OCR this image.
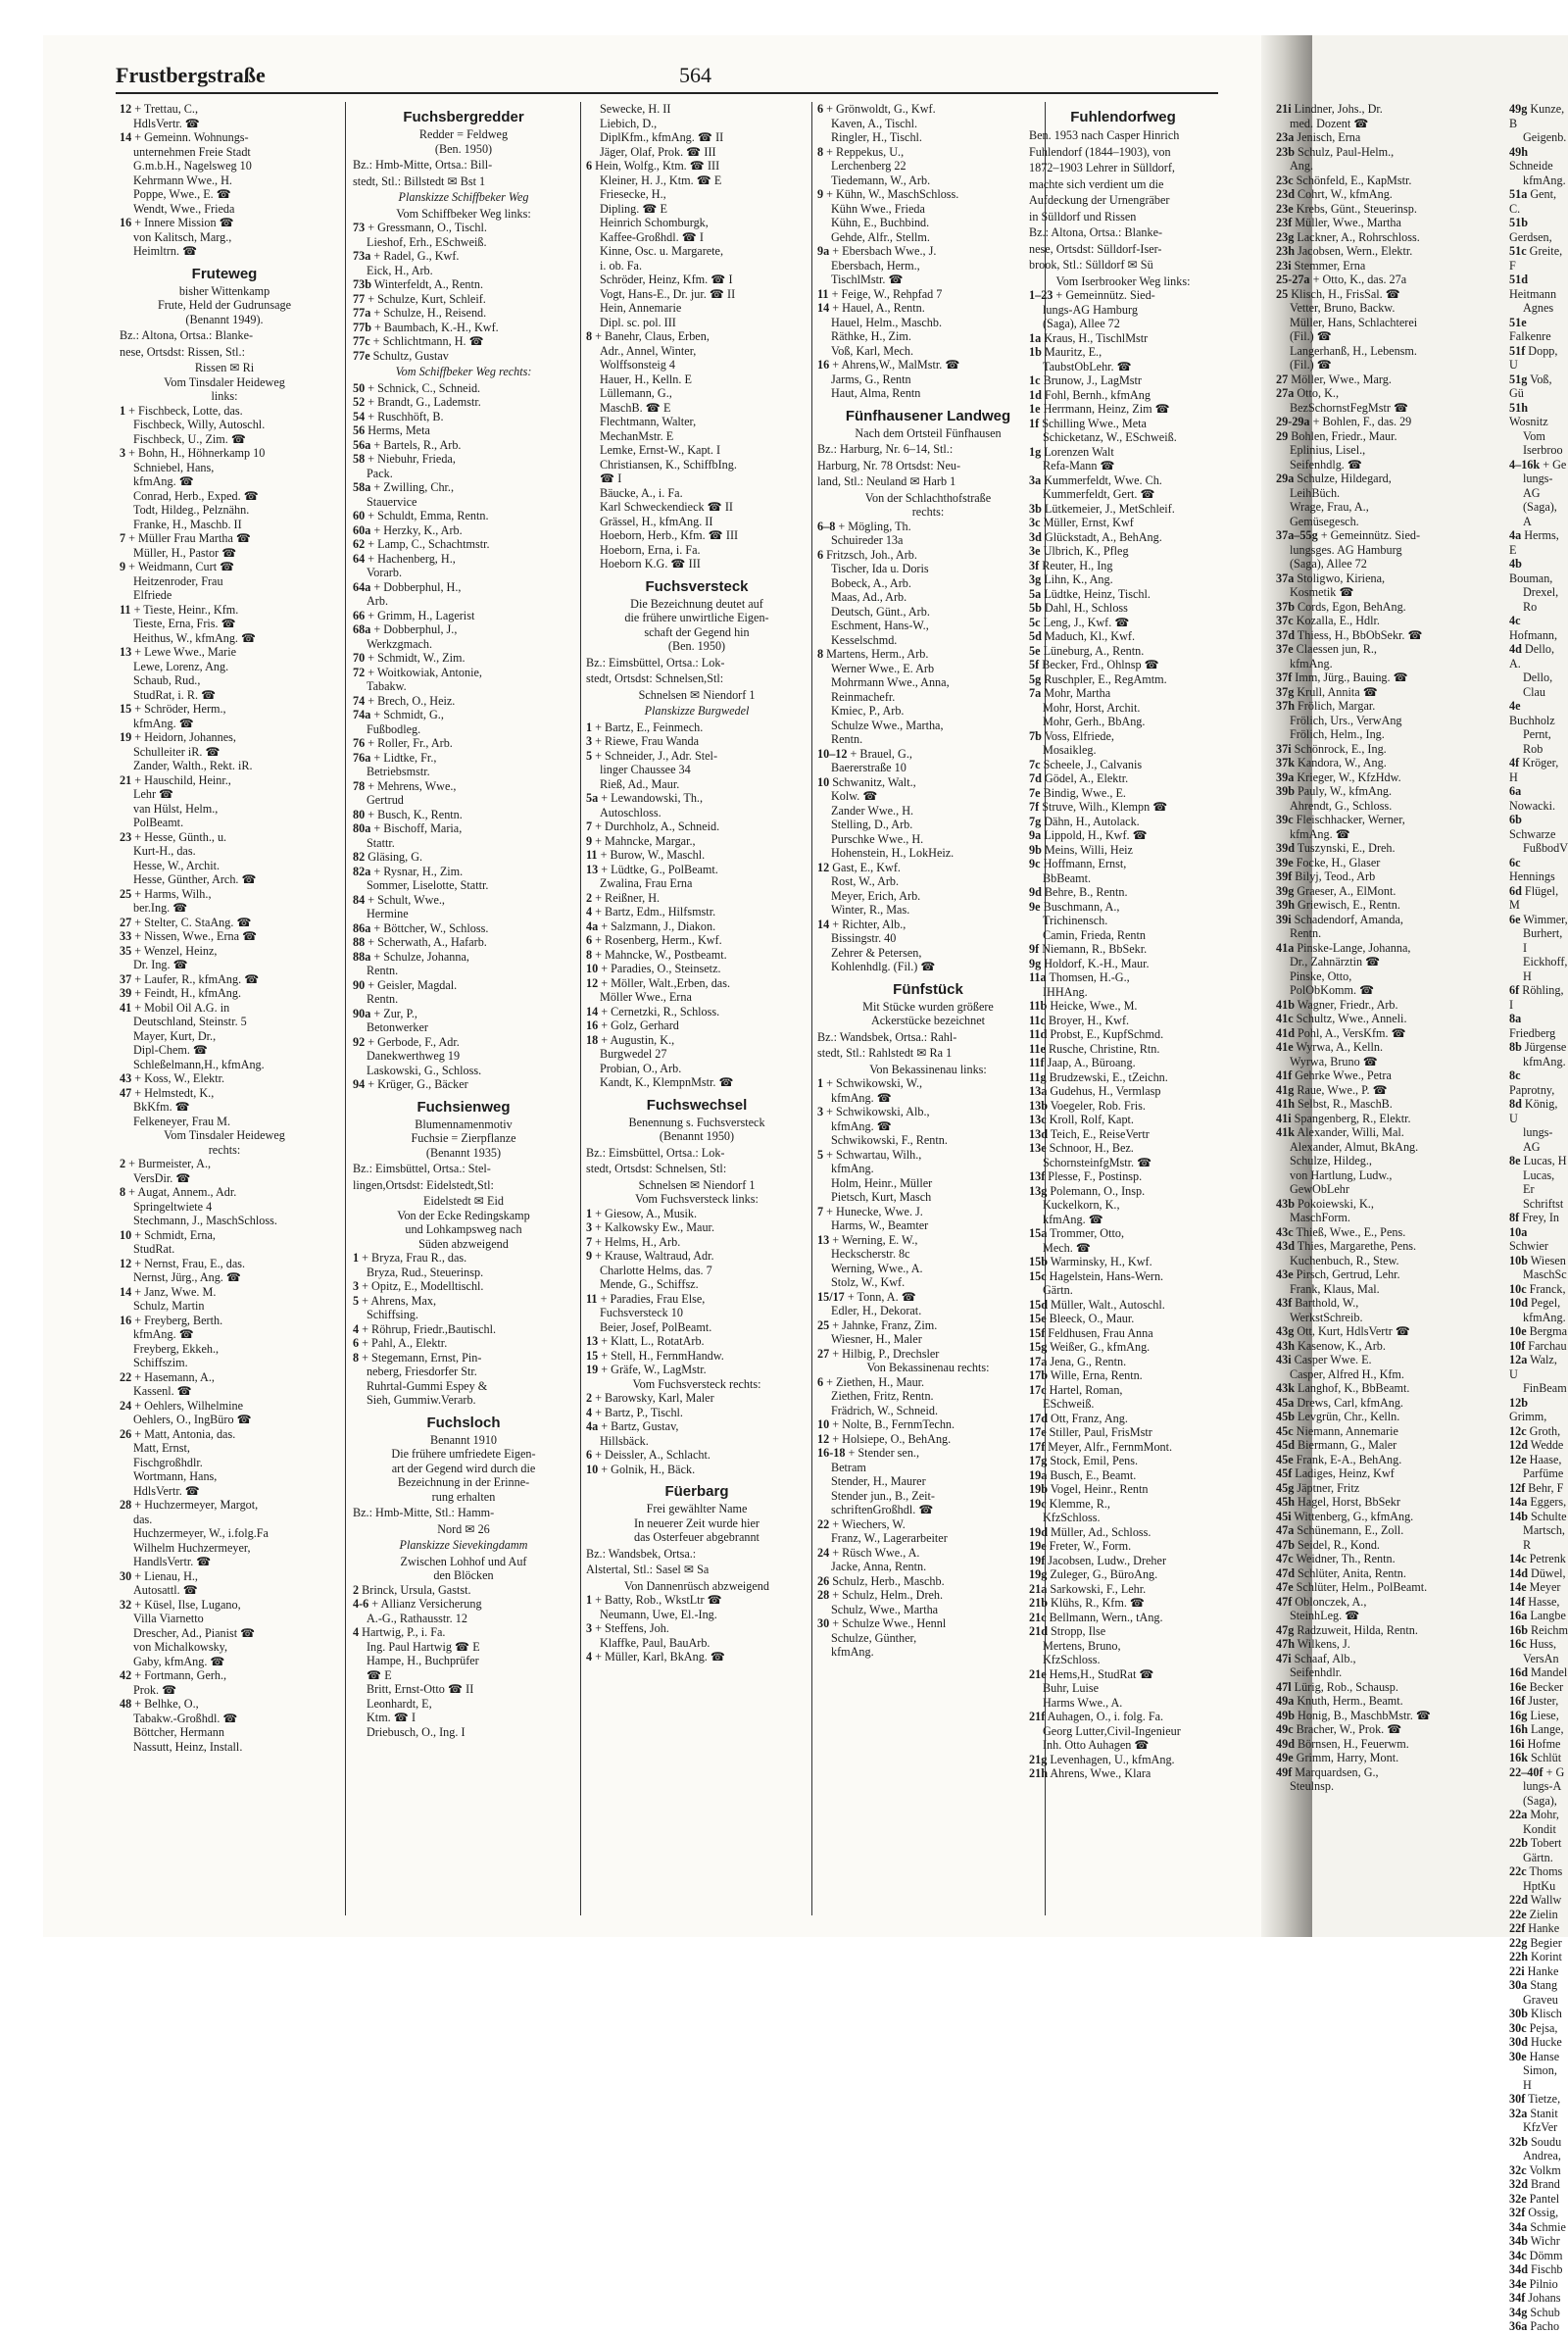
Frustbergstraße	564
12 + Trettau, C.,
HdlsVertr. ☎
14 + Gemeinn. Wohnungs-
unternehmen Freie Stadt
G.m.b.H., Nagelsweg 10
Kehrmann Wwe., H.
Poppe, Wwe., E. ☎
Wendt, Wwe., Frieda
16 + Innere Mission ☎
von Kalitsch, Marg.,
Heimltrn. ☎
Fruteweg
bisher Wittenkamp
Frute, Held der Gudrunsage
(Benannt 1949).
Bz.: Altona, Ortsa.: Blanke-
nese, Ortsdst: Rissen, Stl.:
Rissen ✉ Ri
Vom Tinsdaler Heideweg
links:
1 + Fischbeck, Lotte, das.
Fischbeck, Willy, Autoschl.
Fischbeck, U., Zim. ☎
3 + Bohn, H., Höhnerkamp 10
Schniebel, Hans,
kfmAng. ☎
Conrad, Herb., Exped. ☎
Todt, Hildeg., Pelznähn.
Franke, H., Maschb. II
7 + Müller Frau Martha ☎
Müller, H., Pastor ☎
9 + Weidmann, Curt ☎
Heitzenroder, Frau
Elfriede
11 + Tieste, Heinr., Kfm.
Tieste, Erna, Fris. ☎
Heithus, W., kfmAng. ☎
13 + Lewe Wwe., Marie
Lewe, Lorenz, Ang.
Schaub, Rud.,
StudRat, i. R. ☎
15 + Schröder, Herm.,
kfmAng. ☎
19 + Heidorn, Johannes,
Schulleiter iR. ☎
Zander, Walth., Rekt. iR.
21 + Hauschild, Heinr.,
Lehr ☎
van Hülst, Helm.,
PolBeamt.
23 + Hesse, Günth., u.
Kurt-H., das.
Hesse, W., Archit.
Hesse, Günther, Arch. ☎
25 + Harms, Wilh.,
ber.Ing. ☎
27 + Stelter, C. StaAng. ☎
33 + Nissen, Wwe., Erna ☎
35 + Wenzel, Heinz,
Dr. Ing. ☎
37 + Laufer, R., kfmAng. ☎
39 + Feindt, H., kfmAng.
41 + Mobil Oil A.G. in
Deutschland, Steinstr. 5
Mayer, Kurt, Dr.,
Dipl-Chem. ☎
Schleßelmann,H., kfmAng.
43 + Koss, W., Elektr.
47 + Helmstedt, K.,
BkKfm. ☎
Felkeneyer, Frau M.
Vom Tinsdaler Heideweg
rechts:
2 + Burmeister, A.,
VersDir. ☎
8 + Augat, Annem., Adr.
Springeltwiete 4
Stechmann, J., MaschSchloss.
10 + Schmidt, Erna,
StudRat.
12 + Nernst, Frau, E., das.
Nernst, Jürg., Ang. ☎
14 + Janz, Wwe. M.
Schulz, Martin
16 + Freyberg, Berth.
kfmAng. ☎
Freyberg, Ekkeh.,
Schiffszim.
22 + Hasemann, A.,
Kassenl. ☎
24 + Oehlers, Wilhelmine
Oehlers, O., IngBüro ☎
26 + Matt, Antonia, das.
Matt, Ernst,
Fischgroßhdlr.
Wortmann, Hans,
HdlsVertr. ☎
28 + Huchzermeyer, Margot,
das.
Huchzermeyer, W., i.folg.Fa
Wilhelm Huchzermeyer,
HandlsVertr. ☎
30 + Lienau, H.,
Autosattl. ☎
32 + Küsel, Ilse, Lugano,
Villa Viarnetto
Drescher, Ad., Pianist ☎
von Michalkowsky,
Gaby, kfmAng. ☎
42 + Fortmann, Gerh.,
Prok. ☎
48 + Belhke, O.,
Tabakw.-Großhdl. ☎
Böttcher, Hermann
Nassutt, Heinz, Install.
Fuchsbergredder
Redder = Feldweg
(Ben. 1950)
Bz.: Hmb-Mitte, Ortsa.: Bill-
stedt, Stl.: Billstedt ✉ Bst 1
Planskizze Schiffbeker Weg
Vom Schiffbeker Weg links:
73 + Gressmann, O., Tischl.
Lieshof, Erh., ESchweiß.
73a + Radel, G., Kwf.
Eick, H., Arb.
73b Winterfeldt, A., Rentn.
77 + Schulze, Kurt, Schleif.
77a + Schulze, H., Reisend.
77b + Baumbach, K.-H., Kwf.
77c + Schlichtmann, H. ☎
77e Schultz, Gustav
Vom Schiffbeker Weg rechts:
50 + Schnick, C., Schneid.
52 + Brandt, G., Lademstr.
54 + Ruschhöft, B.
56 Herms, Meta
56a + Bartels, R., Arb.
58 + Niebuhr, Frieda,
Pack.
58a + Zwilling, Chr.,
Stauervice
60 + Schuldt, Emma, Rentn.
60a + Herzky, K., Arb.
62 + Lamp, C., Schachtmstr.
64 + Hachenberg, H.,
Vorarb.
64a + Dobberphul, H.,
Arb.
66 + Grimm, H., Lagerist
68a + Dobberphul, J.,
Werkzgmach.
70 + Schmidt, W., Zim.
72 + Woitkowiak, Antonie,
Tabakw.
74 + Brech, O., Heiz.
74a + Schmidt, G.,
Fußbodleg.
76 + Roller, Fr., Arb.
76a + Lidtke, Fr.,
Betriebsmstr.
78 + Mehrens, Wwe.,
Gertrud
80 + Busch, K., Rentn.
80a + Bischoff, Maria,
Stattr.
82 Gläsing, G.
82a + Rysnar, H., Zim.
Sommer, Liselotte, Stattr.
84 + Schult, Wwe.,
Hermine
86a + Böttcher, W., Schloss.
88 + Scherwath, A., Hafarb.
88a + Schulze, Johanna,
Rentn.
90 + Geisler, Magdal.
Rentn.
90a + Zur, P.,
Betonwerker
92 + Gerbode, F., Adr.
Danekwerthweg 19
Laskowski, G., Schloss.
94 + Krüger, G., Bäcker
Fuchsienweg
Blumennamenmotiv
Fuchsie = Zierpflanze
(Benannt 1935)
Bz.: Eimsbüttel, Ortsa.: Stel-
lingen,Ortsdst: Eidelstedt,Stl:
Eidelstedt ✉ Eid
Von der Ecke Redingskamp
und Lohkampsweg nach
Süden abzweigend
1 + Bryza, Frau R., das.
Bryza, Rud., Steuerinsp.
3 + Opitz, E., Modelltischl.
5 + Ahrens, Max,
Schiffsing.
4 + Röhrup, Friedr.,Bautischl.
6 + Pahl, A., Elektr.
8 + Stegemann, Ernst, Pin-
neberg, Friesdorfer Str.
Ruhrtal-Gummi Espey &
Sieh, Gummiw.Verarb.
Fuchsloch
Benannt 1910
Die frühere umfriedete Eigen-
art der Gegend wird durch die
Bezeichnung in der Erinne-
rung erhalten
Bz.: Hmb-Mitte, Stl.: Hamm-
Nord ✉ 26
Planskizze Sievekingdamm
Zwischen Lohhof und Auf
den Blöcken
2 Brinck, Ursula, Gastst.
4-6 + Allianz Versicherung
A.-G., Rathausstr. 12
4 Hartwig, P., i. Fa.
Ing. Paul Hartwig ☎ E
Hampe, H., Buchprüfer
☎ E
Britt, Ernst-Otto ☎ II
Leonhardt, E,
Ktm. ☎ I
Driebusch, O., Ing. I
Sewecke, H. II
Liebich, D.,
DiplKfm., kfmAng. ☎ II
Jäger, Olaf, Prok. ☎ III
6 Hein, Wolfg., Ktm. ☎ III
Kleiner, H. J., Ktm. ☎ E
Friesecke, H.,
Dipling. ☎ E
Heinrich Schomburgk,
Kaffee-Großhdl. ☎ I
Kinne, Osc. u. Margarete,
i. ob. Fa.
Schröder, Heinz, Kfm. ☎ I
Vogt, Hans-E., Dr. jur. ☎ II
Hein, Annemarie
Dipl. sc. pol. III
8 + Banehr, Claus, Erben,
Adr., Annel, Winter,
Wolffsonsteig 4
Hauer, H., Kelln. E
Lüllemann, G.,
MaschB. ☎ E
Flechtmann, Walter,
MechanMstr. E
Lemke, Ernst-W., Kapt. I
Christiansen, K., SchiffbIng.
☎ I
Bäucke, A., i. Fa.
Karl Schweckendieck ☎ II
Grässel, H., kfmAng. II
Hoeborn, Herb., Kfm. ☎ III
Hoeborn, Erna, i. Fa.
Hoeborn K.G. ☎ III
Fuchsversteck
Die Bezeichnung deutet auf
die frühere unwirtliche Eigen-
schaft der Gegend hin
(Ben. 1950)
Bz.: Eimsbüttel, Ortsa.: Lok-
stedt, Ortsdst: Schnelsen,Stl:
Schnelsen ✉ Niendorf 1
Planskizze Burgwedel
1 + Bartz, E., Feinmech.
3 + Riewe, Frau Wanda
5 + Schneider, J., Adr. Stel-
linger Chaussee 34
Rieß, Ad., Maur.
5a + Lewandowski, Th.,
Autoschloss.
7 + Durchholz, A., Schneid.
9 + Mahncke, Margar.,
11 + Burow, W., Maschl.
13 + Lüdtke, G., PolBeamt.
Zwalina, Frau Erna
2 + Reißner, H.
4 + Bartz, Edm., Hilfsmstr.
4a + Salzmann, J., Diakon.
6 + Rosenberg, Herm., Kwf.
8 + Mahncke, W., Postbeamt.
10 + Paradies, O., Steinsetz.
12 + Möller, Walt.,Erben, das.
Möller Wwe., Erna
14 + Cernetzki, R., Schloss.
16 + Golz, Gerhard
18 + Augustin, K.,
Burgwedel 27
Probian, O., Arb.
Kandt, K., KlempnMstr. ☎
Fuchswechsel
Benennung s. Fuchsversteck
(Benannt 1950)
Bz.: Eimsbüttel, Ortsa.: Lok-
stedt, Ortsdst: Schnelsen, Stl:
Schnelsen ✉ Niendorf 1
Vom Fuchsversteck links:
1 + Giesow, A., Musik.
3 + Kalkowsky Ew., Maur.
7 + Helms, H., Arb.
9 + Krause, Waltraud, Adr.
Charlotte Helms, das. 7
Mende, G., Schiffsz.
11 + Paradies, Frau Else,
Fuchsversteck 10
Beier, Josef, PolBeamt.
13 + Klatt, L., RotatArb.
15 + Stell, H., FernmHandw.
19 + Gräfe, W., LagMstr.
Vom Fuchsversteck rechts:
2 + Barowsky, Karl, Maler
4 + Bartz, P., Tischl.
4a + Bartz, Gustav,
Hillsbäck.
6 + Deissler, A., Schlacht.
10 + Golnik, H., Bäck.
Füerbarg
Frei gewählter Name
In neuerer Zeit wurde hier
das Osterfeuer abgebrannt
Bz.: Wandsbek, Ortsa.:
Alstertal, Stl.: Sasel ✉ Sa
Von Dannenrüsch abzweigend
1 + Batty, Rob., WkstLtr ☎
Neumann, Uwe, El.-Ing.
3 + Steffens, Joh.
Klaffke, Paul, BauArb.
4 + Müller, Karl, BkAng. ☎
6 + Grönwoldt, G., Kwf.
Kaven, A., Tischl.
Ringler, H., Tischl.
8 + Reppekus, U.,
Lerchenberg 22
Tiedemann, W., Arb.
9 + Kühn, W., MaschSchloss.
Kühn Wwe., Frieda
Kühn, E., Buchbind.
Gehde, Alfr., Stellm.
9a + Ebersbach Wwe., J.
Ebersbach, Herm.,
TischlMstr. ☎
11 + Feige, W., Rehpfad 7
14 + Hauel, A., Rentn.
Hauel, Helm., Maschb.
Räthke, H., Zim.
Voß, Karl, Mech.
16 + Ahrens,W., MalMstr. ☎
Jarms, G., Rentn
Haut, Alma, Rentn
Fünfhausener Landweg
Nach dem Ortsteil Fünfhausen
Bz.: Harburg, Nr. 6–14, Stl.:
Harburg, Nr. 78 Ortsdst: Neu-
land, Stl.: Neuland ✉ Harb 1
Von der Schlachthofstraße
rechts:
6–8 + Mögling, Th.
Schuireder 13a
6 Fritzsch, Joh., Arb.
Tischer, Ida u. Doris
Bobeck, A., Arb.
Maas, Ad., Arb.
Deutsch, Günt., Arb.
Eschment, Hans-W.,
Kesselschmd.
8 Martens, Herm., Arb.
Werner Wwe., E. Arb
Mohrmann Wwe., Anna,
Reinmachefr.
Kmiec, P., Arb.
Schulze Wwe., Martha,
Rentn.
10–12 + Brauel, G.,
Baererstraße 10
10 Schwanitz, Walt.,
Kolw. ☎
Zander Wwe., H.
Stelling, D., Arb.
Purschke Wwe., H.
Hohenstein, H., LokHeiz.
12 Gast, E., Kwf.
Rost, W., Arb.
Meyer, Erich, Arb.
Winter, R., Mas.
14 + Richter, Alb.,
Bissingstr. 40
Zehrer & Petersen,
Kohlenhdlg. (Fil.) ☎
Fünfstück
Mit Stücke wurden größere
Ackerstücke bezeichnet
Bz.: Wandsbek, Ortsa.: Rahl-
stedt, Stl.: Rahlstedt ✉ Ra 1
Von Bekassinenau links:
1 + Schwikowski, W.,
kfmAng. ☎
3 + Schwikowski, Alb.,
kfmAng. ☎
Schwikowski, F., Rentn.
5 + Schwartau, Wilh.,
kfmAng.
Holm, Heinr., Müller
Pietsch, Kurt, Masch
7 + Hunecke, Wwe. J.
Harms, W., Beamter
13 + Werning, E. W.,
Heckscherstr. 8c
Werning, Wwe., A.
Stolz, W., Kwf.
15/17 + Tonn, A. ☎
Edler, H., Dekorat.
25 + Jahnke, Franz, Zim.
Wiesner, H., Maler
27 + Hilbig, P., Drechsler
Von Bekassinenau rechts:
6 + Ziethen, H., Maur.
Ziethen, Fritz, Rentn.
Frädrich, W., Schneid.
10 + Nolte, B., FernmTechn.
12 + Holsiepe, O., BehAng.
16-18 + Stender sen.,
Betram
Stender, H., Maurer
Stender jun., B., Zeit-
schriftenGroßhdl. ☎
22 + Wiechers, W.
Franz, W., Lagerarbeiter
24 + Rüsch Wwe., A.
Jacke, Anna, Rentn.
26 Schulz, Herb., Maschb.
28 + Schulz, Helm., Dreh.
Schulz, Wwe., Martha
30 + Schulze Wwe., Hennl
Schulze, Günther,
kfmAng.
Fuhlendorfweg
Ben. 1953 nach Casper Hinrich
Fuhlendorf (1844–1903), von
1872–1903 Lehrer in Sülldorf,
machte sich verdient um die
Aufdeckung der Urnengräber
in Sülldorf und Rissen
Bz.: Altona, Ortsa.: Blanke-
nese, Ortsdst: Sülldorf-Iser-
brook, Stl.: Sülldorf ✉ Sü
Vom Iserbrooker Weg links:
1–23 + Gemeinnütz. Sied-
lungs-AG Hamburg
(Saga), Allee 72
1a Kraus, H., TischlMstr
1b Mauritz, E.,
TaubstObLehr. ☎
1c Brunow, J., LagMstr
1d Fohl, Bernh., kfmAng
1e Herrmann, Heinz, Zim ☎
1f Schilling Wwe., Meta
Schicketanz, W., ESchweiß.
1g Lorenzen Walt
Refa-Mann ☎
3a Kummerfeldt, Wwe. Ch.
Kummerfeldt, Gert. ☎
3b Lütkemeier, J., MetSchleif.
3c Müller, Ernst, Kwf
3d Glückstadt, A., BehAng.
3e Ulbrich, K., Pfleg
3f Reuter, H., Ing
3g Lihn, K., Ang.
5a Lüdtke, Heinz, Tischl.
5b Dahl, H., Schloss
5c Leng, J., Kwf. ☎
5d Maduch, Kl., Kwf.
5e Lüneburg, A., Rentn.
5f Becker, Frd., Ohlnsp ☎
5g Ruschpler, E., RegAmtm.
7a Mohr, Martha
Mohr, Horst, Archit.
Mohr, Gerh., BbAng.
7b Voss, Elfriede,
Mosaikleg.
7c Scheele, J., Calvanis
7d Gödel, A., Elektr.
7e Bindig, Wwe., E.
7f Struve, Wilh., Klempn ☎
7g Dähn, H., Autolack.
9a Lippold, H., Kwf. ☎
9b Meins, Willi, Heiz
9c Hoffmann, Ernst,
BbBeamt.
9d Behre, B., Rentn.
9e Buschmann, A.,
Trichinensch.
Camin, Frieda, Rentn
9f Niemann, R., BbSekr.
9g Holdorf, K.-H., Maur.
11a Thomsen, H.-G.,
IHHAng.
11b Heicke, Wwe., M.
11c Broyer, H., Kwf.
11d Probst, E., KupfSchmd.
11e Rusche, Christine, Rtn.
11f Jaap, A., Büroang.
11g Brudzewski, E., tZeichn.
13a Gudehus, H., Vermlasp
13b Voegeler, Rob. Fris.
13c Kroll, Rolf, Kapt.
13d Teich, E., ReiseVertr
13e Schnoor, H., Bez.
SchornsteinfgMstr. ☎
13f Plesse, F., Postinsp.
13g Polemann, O., Insp.
Kuckelkorn, K.,
kfmAng. ☎
15a Trommer, Otto,
Mech. ☎
15b Warminsky, H., Kwf.
15c Hagelstein, Hans-Wern.
Gärtn.
15d Müller, Walt., Autoschl.
15e Bleeck, O., Maur.
15f Feldhusen, Frau Anna
15g Weißer, G., kfmAng.
17a Jena, G., Rentn.
17b Wille, Erna, Rentn.
17c Hartel, Roman,
ESchweiß.
17d Ott, Franz, Ang.
17e Stiller, Paul, FrisMstr
17f Meyer, Alfr., FernmMont.
17g Stock, Emil, Pens.
19a Busch, E., Beamt.
19b Vogel, Heinr., Rentn
19c Klemme, R.,
KfzSchloss.
19d Müller, Ad., Schloss.
19e Freter, W., Form.
19f Jacobsen, Ludw., Dreher
19g Zuleger, G., BüroAng.
21a Sarkowski, F., Lehr.
21b Klühs, R., Kfm. ☎
21c Bellmann, Wern., tAng.
21d Stropp, Ilse
Mertens, Bruno,
KfzSchloss.
21e Hems,H., StudRat ☎
Buhr, Luise
Harms Wwe., A.
21f Auhagen, O., i. folg. Fa.
Georg Lutter,Civil-Ingenieur
Inh. Otto Auhagen ☎
21g Levenhagen, U., kfmAng.
21h Ahrens, Wwe., Klara
21i Lindner, Johs., Dr.
med. Dozent ☎
23a Jenisch, Erna
23b Schulz, Paul-Helm.,
Ang.
23c Schönfeld, E., KapMstr.
23d Cohrt, W., kfmAng.
23e Krebs, Günt., Steuerinsp.
23f Müller, Wwe., Martha
23g Lackner, A., Rohrschloss.
23h Jacobsen, Wern., Elektr.
23i Stemmer, Erna
25-27a + Otto, K., das. 27a
25 Klisch, H., FrisSal. ☎
Vetter, Bruno, Backw.
Müller, Hans, Schlachterei
(Fil.) ☎
Langerhanß, H., Lebensm.
(Fil.) ☎
27 Möller, Wwe., Marg.
27a Otto, K.,
BezSchornstFegMstr ☎
29-29a + Bohlen, F., das. 29
29 Bohlen, Friedr., Maur.
Eplinius, Lisel.,
Seifenhdlg. ☎
29a Schulze, Hildegard,
LeihBüch.
Wrage, Frau, A.,
Gemüsegesch.
37a–55g + Gemeinnütz. Sied-
lungsges. AG Hamburg
(Saga), Allee 72
37a Stoligwo, Kiriena,
Kosmetik ☎
37b Cords, Egon, BehAng.
37c Kozalla, E., Hdlr.
37d Thiess, H., BbObSekr. ☎
37e Claessen jun, R.,
kfmAng.
37f Imm, Jürg., Bauing. ☎
37g Krull, Annita ☎
37h Frölich, Margar.
Frölich, Urs., VerwAng
Frölich, Helm., Ing.
37i Schönrock, E., Ing.
37k Kandora, W., Ang.
39a Krieger, W., KfzHdw.
39b Pauly, W., kfmAng.
Ahrendt, G., Schloss.
39c Fleischhacker, Werner,
kfmAng. ☎
39d Tuszynski, E., Dreh.
39e Focke, H., Glaser
39f Bilyj, Teod., Arb
39g Graeser, A., ElMont.
39h Griewisch, E., Rentn.
39i Schadendorf, Amanda,
Rentn.
41a Pinske-Lange, Johanna,
Dr., Zahnärztin ☎
Pinske, Otto,
PolObKomm. ☎
41b Wagner, Friedr., Arb.
41c Schultz, Wwe., Anneli.
41d Pohl, A., VersKfm. ☎
41e Wyrwa, A., Kelln.
Wyrwa, Bruno ☎
41f Gehrke Wwe., Petra
41g Raue, Wwe., P. ☎
41h Selbst, R., MaschB.
41i Spangenberg, R., Elektr.
41k Alexander, Willi, Mal.
Alexander, Almut, BkAng.
Schulze, Hildeg.,
von Hartlung, Ludw.,
GewObLehr
43b Pokoiewski, K.,
MaschForm.
43c Thieß, Wwe., E., Pens.
43d Thies, Margarethe, Pens.
Kuchenbuch, R., Stew.
43e Pirsch, Gertrud, Lehr.
Frank, Klaus, Mal.
43f Barthold, W.,
WerkstSchreib.
43g Ott, Kurt, HdlsVertr ☎
43h Kasenow, K., Arb.
43i Casper Wwe. E.
Casper, Alfred H., Kfm.
43k Langhof, K., BbBeamt.
45a Drews, Carl, kfmAng.
45b Levgrün, Chr., Kelln.
45c Niemann, Annemarie
45d Biermann, G., Maler
45e Frank, E-A., BehAng.
45f Ladiges, Heinz, Kwf
45g Jäptner, Fritz
45h Hagel, Horst, BbSekr
45i Wittenberg, G., kfmAng.
47a Schünemann, E., Zoll.
47b Seidel, R., Kond.
47c Weidner, Th., Rentn.
47d Schlüter, Anita, Rentn.
47e Schlüter, Helm., PolBeamt.
47f Oblonczek, A.,
SteinhLeg. ☎
47g Radzuweit, Hilda, Rentn.
47h Wilkens, J.
47i Schaaf, Alb.,
Seifenhdlr.
47l Lürig, Rob., Schausp.
49a Knuth, Herm., Beamt.
49b Honig, B., MaschbMstr. ☎
49c Bracher, W., Prok. ☎
49d Börnsen, H., Feuerwm.
49e Grimm, Harry, Mont.
49f Marquardsen, G.,
Steulnsp.
49g Kunze, B
Geigenb.
49h Schneide
kfmAng.
51a Gent, C.
51b Gerdsen,
51c Greite, F
51d Heitmann
Agnes
51e Falkenre
51f Dopp, U
51g Voß, Gü
51h Wosnitz
Vom Iserbroo
4–16k + Ge
lungs-AG
(Saga), A
4a Herms, E
4b Bouman,
Drexel, Ro
4c Hofmann,
4d Dello, A.
Dello, Clau
4e Buchholz
Pernt, Rob
4f Kröger, H
6a Nowacki.
6b Schwarze
FußbodV
6c Hennings
6d Flügel, M
6e Wimmer,
Burhert, I
Eickhoff, H
6f Röhling, I
8a Friedberg
8b Jürgense
kfmAng.
8c Paprotny,
8d König, U
lungs-AG
8e Lucas, H
Lucas, Er
Schriftst
8f Frey, In
10a Schwier
10b Wiesen
MaschSc
10c Franck,
10d Pegel,
kfmAng.
10e Bergma
10f Farchau
12a Walz, U
FinBeam
12b Grimm,
12c Groth,
12d Wedde
12e Haase,
Parfüme
12f Behr, F
14a Eggers,
14b Schulte
Martsch, R
14c Petrenk
14d Düwel,
14e Meyer
14f Hasse,
16a Langbe
16b Reichm
16c Huss,
VersAn
16d Mandel
16e Becker
16f Juster,
16g Liese,
16h Lange,
16i Hofme
16k Schlüt
22–40f + G
lungs-A
(Saga),
22a Mohr,
Kondit
22b Tobert
Gärtn.
22c Thoms
HptKu
22d Wallw
22e Zielin
22f Hanke
22g Begier
22h Korint
22i Hanke
30a Stang
Graveu
30b Klisch
30c Pejsa,
30d Hucke
30e Hanse
Simon, H
30f Tietze,
32a Stanit
KfzVer
32b Soudu
Andrea,
32c Volkm
32d Brand
32e Pantel
32f Ossig,
34a Schmie
34b Wichr
34c Dömm
34d Fischb
34e Pilnio
34f Johans
34g Schub
36a Pacho
